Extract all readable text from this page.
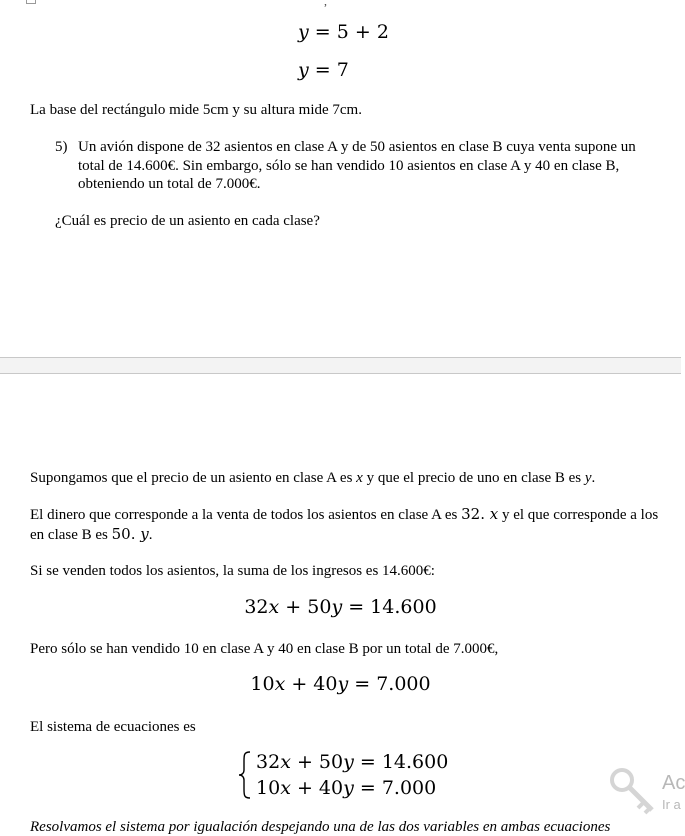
,
y = 5 + 2
y = 7
La base del rectángulo mide 5cm y su altura mide 7cm.
5) Un avión dispone de 32 asientos en clase A y de 50 asientos en clase B cuya venta supone un total de 14.600€. Sin embargo, sólo se han vendido 10 asientos en clase A y 40 en clase B, obteniendo un total de 7.000€.
¿Cuál es precio de un asiento en cada clase?
Supongamos que el precio de un asiento en clase A es x y que el precio de uno en clase B es y.
El dinero que corresponde a la venta de todos los asientos en clase A es 32. x y el que corresponde a los en clase B es 50. y.
Si se venden todos los asientos, la suma de los ingresos es 14.600€:
32x + 50y = 14.600
Pero sólo se han vendido 10 en clase A y 40 en clase B por un total de 7.000€,
10x + 40y = 7.000
El sistema de ecuaciones es
32x + 50y = 14.600
10x + 40y = 7.000
Resolvamos el sistema por igualación despejando una de las dos variables en ambas ecuaciones
Ac
Ir a
